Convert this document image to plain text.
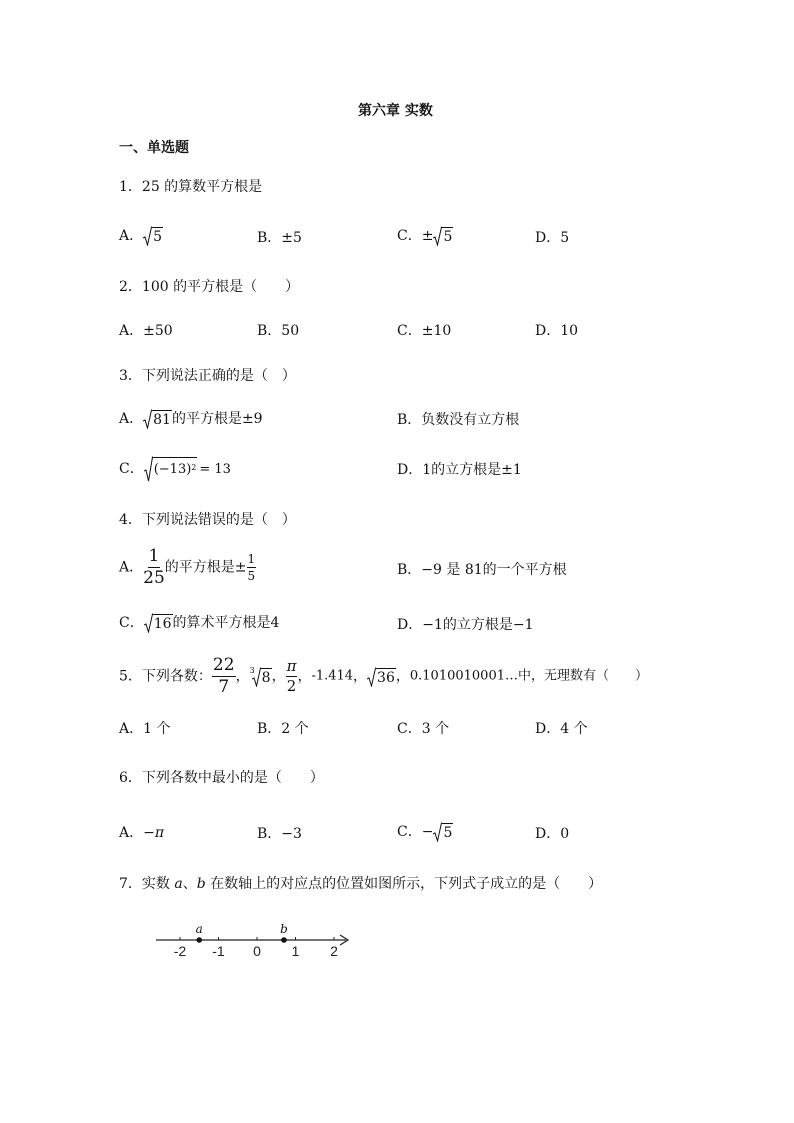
第六章 实数
一、单选题
1．25 的算数平方根是
A． 5	B．±5	C．± 5	D．5
2．100 的平方根是（　　）
A．±50	B．50	C．±10	D．10
3．下列说法正确的是（　）
A． 81 的平方根是±9	B．负数没有立方根
C． $(-13)^2 = 13$	D．1的立方根是±1
4．下列说法错误的是（　）
A． $\frac{1}{25}$ 的平方根是± $\frac{1}{5}$	B．−9 是 81的一个平方根
C． 16 的算术平方根是4	D．−1的立方根是−1
5．下列各数： $\frac{22}{7}$ ， 3 8 ， $\frac{\pi}{2}$ ，-1.414， 36 ，0.1010010001…中，无理数有（　　）
A．1 个	B．2 个	C．3 个	D．4 个
6．下列各数中最小的是（　　）
A．−π	B．−3	C．− 5	D．0
7．实数 a、b 在数轴上的对应点的位置如图所示，下列式子成立的是（　　）
-2 -1 0 1 2
a	b
